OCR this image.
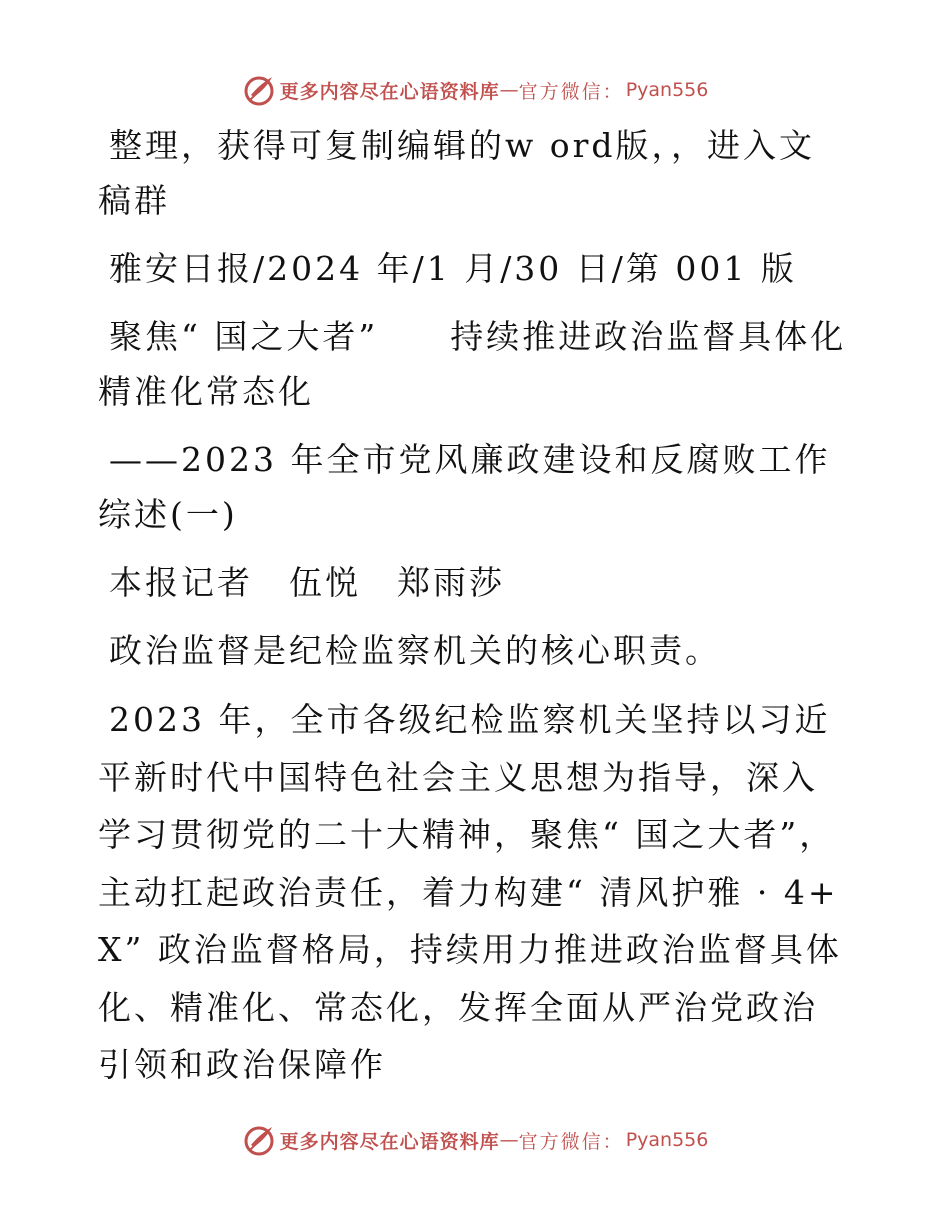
更多内容尽在心语资料库 — 官方微信： Pyan556

整理，获得可复制编辑的w ord版，，进入文稿群

雅安日报/2024 年/1 月/30 日/第 001 版

聚焦“ 国之大者”　　持续推进政治监督具体化精准化常态化

——2023 年全市党风廉政建设和反腐败工作综述(一)

本报记者　伍悦　郑雨莎

政治监督是纪检监察机关的核心职责。

2023 年，全市各级纪检监察机关坚持以习近平新时代中国特色社会主义思想为指导，深入学习贯彻党的二十大精神，聚焦“ 国之大者”，主动扛起政治责任，着力构建“ 清风护雅 · 4+X” 政治监督格局，持续用力推进政治监督具体化、精准化、常态化，发挥全面从严治党政治引领和政治保障作

更多内容尽在心语资料库 — 官方微信： Pyan556
